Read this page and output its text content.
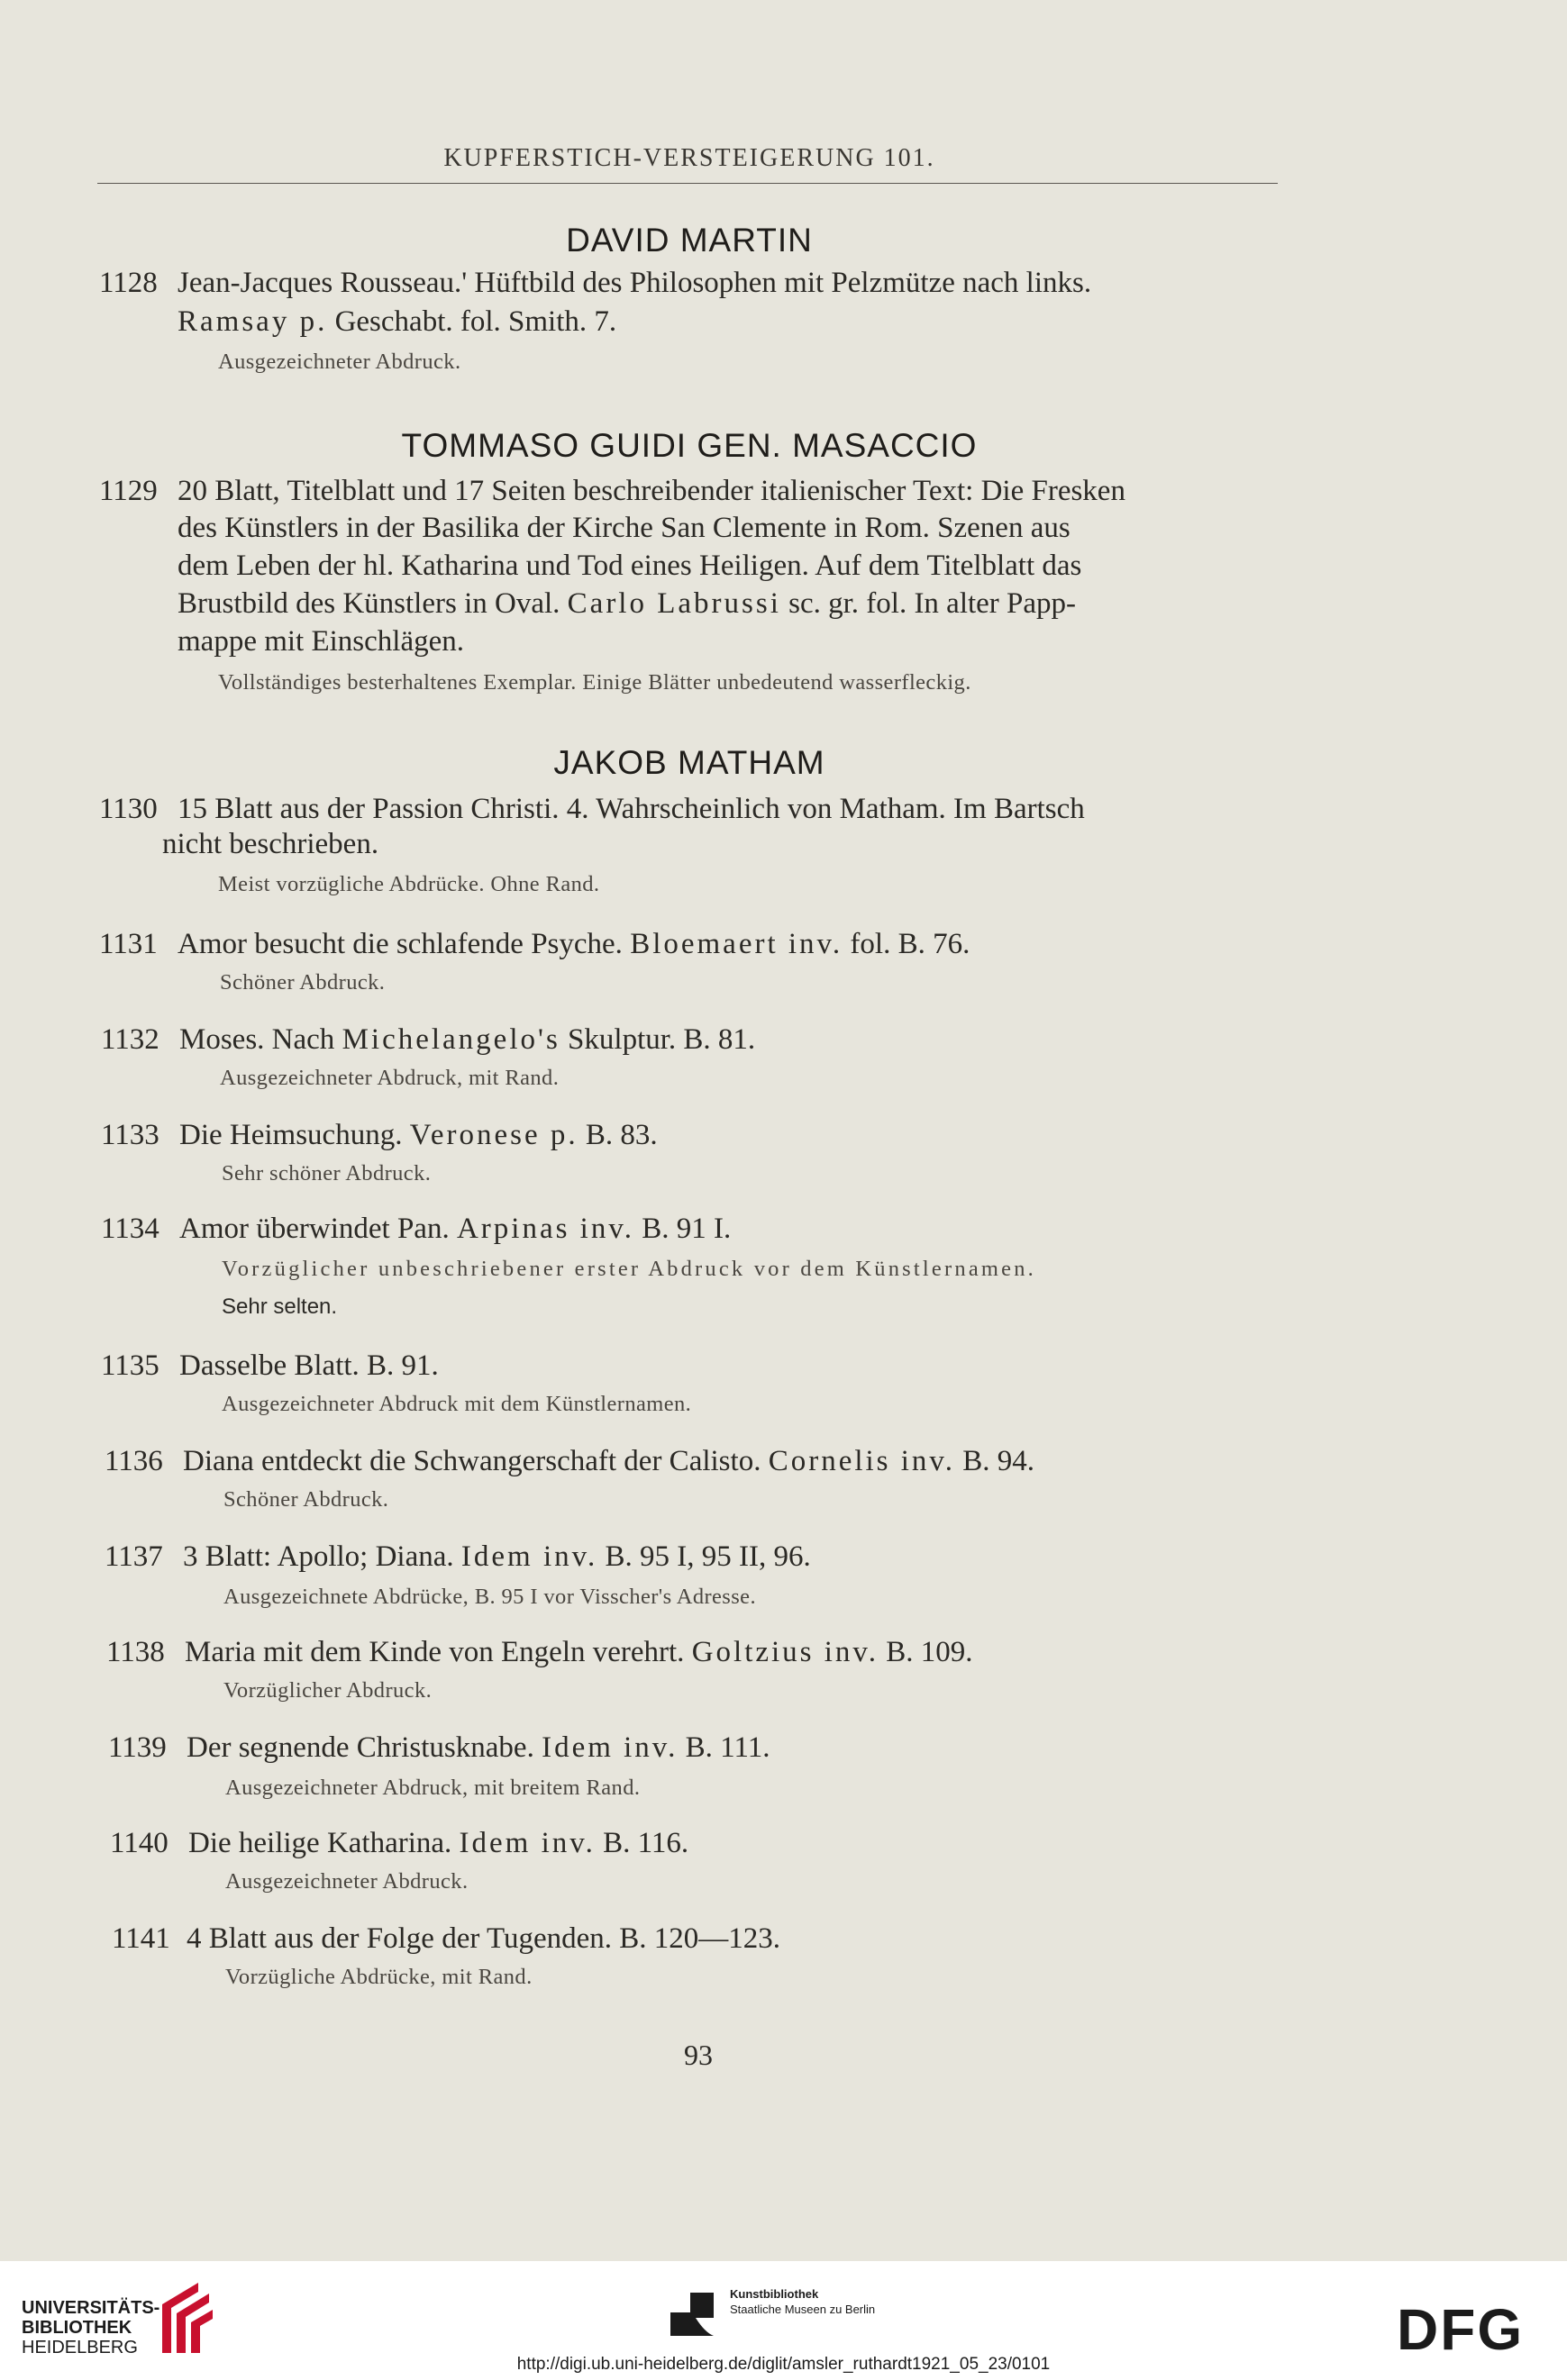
KUPFERSTICH-VERSTEIGERUNG 101.
DAVID MARTIN
1128 Jean-Jacques Rousseau.' Hüftbild des Philosophen mit Pelzmütze nach links.
Ramsay p. Geschabt. fol. Smith. 7.
Ausgezeichneter Abdruck.
TOMMASO GUIDI GEN. MASACCIO
1129 20 Blatt, Titelblatt und 17 Seiten beschreibender italienischer Text: Die Fresken
des Künstlers in der Basilika der Kirche San Clemente in Rom. Szenen aus
dem Leben der hl. Katharina und Tod eines Heiligen. Auf dem Titelblatt das
Brustbild des Künstlers in Oval. Carlo Labrussi sc. gr. fol. In alter Papp-
mappe mit Einschlägen.
Vollständiges besterhaltenes Exemplar. Einige Blätter unbedeutend wasserfleckig.
JAKOB MATHAM
1130 15 Blatt aus der Passion Christi. 4. Wahrscheinlich von Matham. Im Bartsch
nicht beschrieben.
Meist vorzügliche Abdrücke. Ohne Rand.
1131 Amor besucht die schlafende Psyche. Bloemaert inv. fol. B. 76.
Schöner Abdruck.
1132 Moses. Nach Michelangelo's Skulptur. B. 81.
Ausgezeichneter Abdruck, mit Rand.
1133 Die Heimsuchung. Veronese p. B. 83.
Sehr schöner Abdruck.
1134 Amor überwindet Pan. Arpinas inv. B. 91 I.
Vorzüglicher unbeschriebener erster Abdruck vor dem Künstlernamen.
Sehr selten.
1135 Dasselbe Blatt. B. 91.
Ausgezeichneter Abdruck mit dem Künstlernamen.
1136 Diana entdeckt die Schwangerschaft der Calisto. Cornelis inv. B. 94.
Schöner Abdruck.
1137 3 Blatt: Apollo; Diana. Idem inv. B. 95 I, 95 II, 96.
Ausgezeichnete Abdrücke, B. 95 I vor Visscher's Adresse.
1138 Maria mit dem Kinde von Engeln verehrt. Goltzius inv. B. 109.
Vorzüglicher Abdruck.
1139 Der segnende Christusknabe. Idem inv. B. 111.
Ausgezeichneter Abdruck, mit breitem Rand.
1140 Die heilige Katharina. Idem inv. B. 116.
Ausgezeichneter Abdruck.
1141 4 Blatt aus der Folge der Tugenden. B. 120—123.
Vorzügliche Abdrücke, mit Rand.
93
UNIVERSITÄTS-
BIBLIOTHEK
HEIDELBERG
Kunstbibliothek
Staatliche Museen zu Berlin	DFG
http://digi.ub.uni-heidelberg.de/diglit/amsler_ruthardt1921_05_23/0101
